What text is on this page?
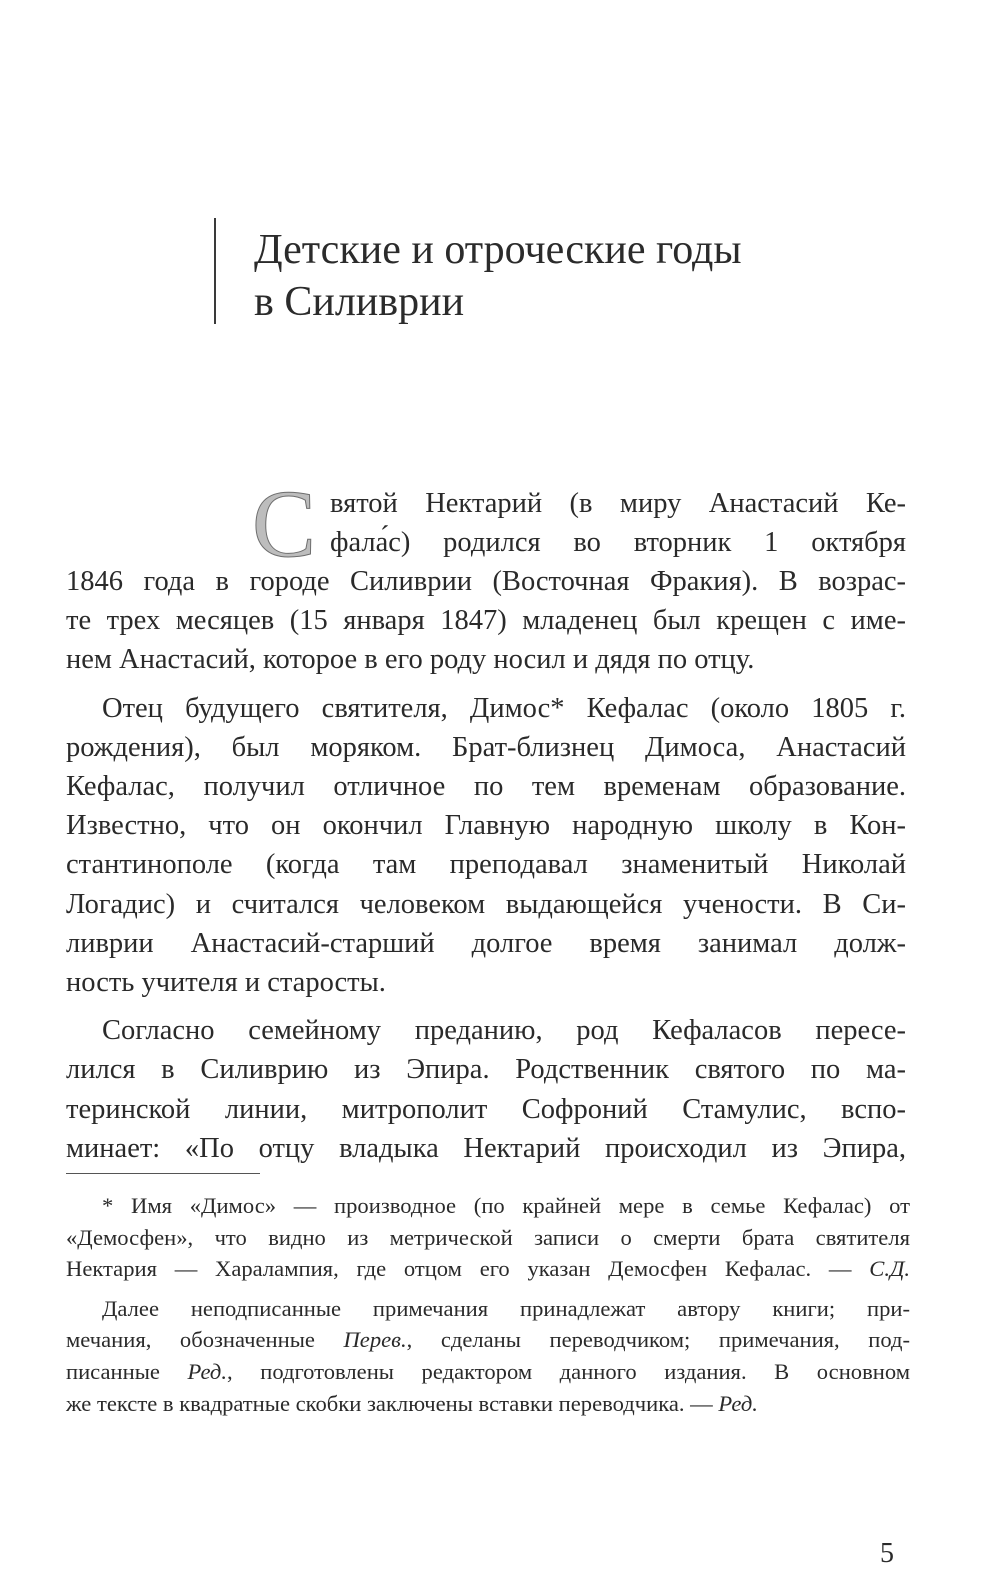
Детские и отроческие годы
в Силиврии
С вятой Нектарий (в миру Анастасий Ке-
фала́с) родился во вторник 1 октября
1846 года в городе Силиврии (Восточная Фракия). В возрас-
те трех месяцев (15 января 1847) младенец был крещен с име-
нем Анастасий, которое в его роду носил и дядя по отцу.
Отец будущего святителя, Димос* Кефалас (около 1805 г.
рождения), был моряком. Брат-близнец Димоса, Анастасий
Кефалас, получил отличное по тем временам образование.
Известно, что он окончил Главную народную школу в Кон-
стантинополе (когда там преподавал знаменитый Николай
Логадис) и считался человеком выдающейся учености. В Си-
ливрии Анастасий-старший долгое время занимал долж-
ность учителя и старосты.
Согласно семейному преданию, род Кефаласов пересе-
лился в Силиврию из Эпира. Родственник святого по ма-
теринской линии, митрополит Софроний Стамулис, вспо-
минает: «По отцу владыка Нектарий происходил из Эпира,
* Имя «Димос» — производное (по крайней мере в семье Кефалас) от
«Демосфен», что видно из метрической записи о смерти брата святителя
Нектария — Харалампия, где отцом его указан Демосфен Кефалас. — С.Д.
Далее неподписанные примечания принадлежат автору книги; при-
мечания, обозначенные Перев., сделаны переводчиком; примечания, под-
писанные Ред., подготовлены редактором данного издания. В основном
же тексте в квадратные скобки заключены вставки переводчика. — Ред.
5
